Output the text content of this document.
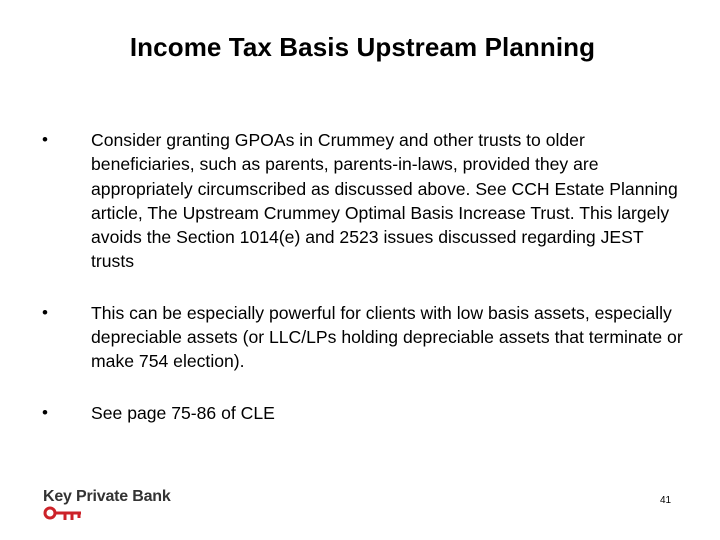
Income Tax Basis Upstream Planning
• Consider granting GPOAs in Crummey and other trusts to older beneficiaries, such as parents, parents-in-laws, provided they are appropriately circumscribed as discussed above. See CCH Estate Planning article, The Upstream Crummey Optimal Basis Increase Trust. This largely avoids the Section 1014(e) and 2523 issues discussed regarding JEST trusts
• This can be especially powerful for clients with low basis assets, especially depreciable assets (or LLC/LPs holding depreciable assets that terminate or make 754 election).
• See page 75-86 of CLE
Key Private Bank	41
